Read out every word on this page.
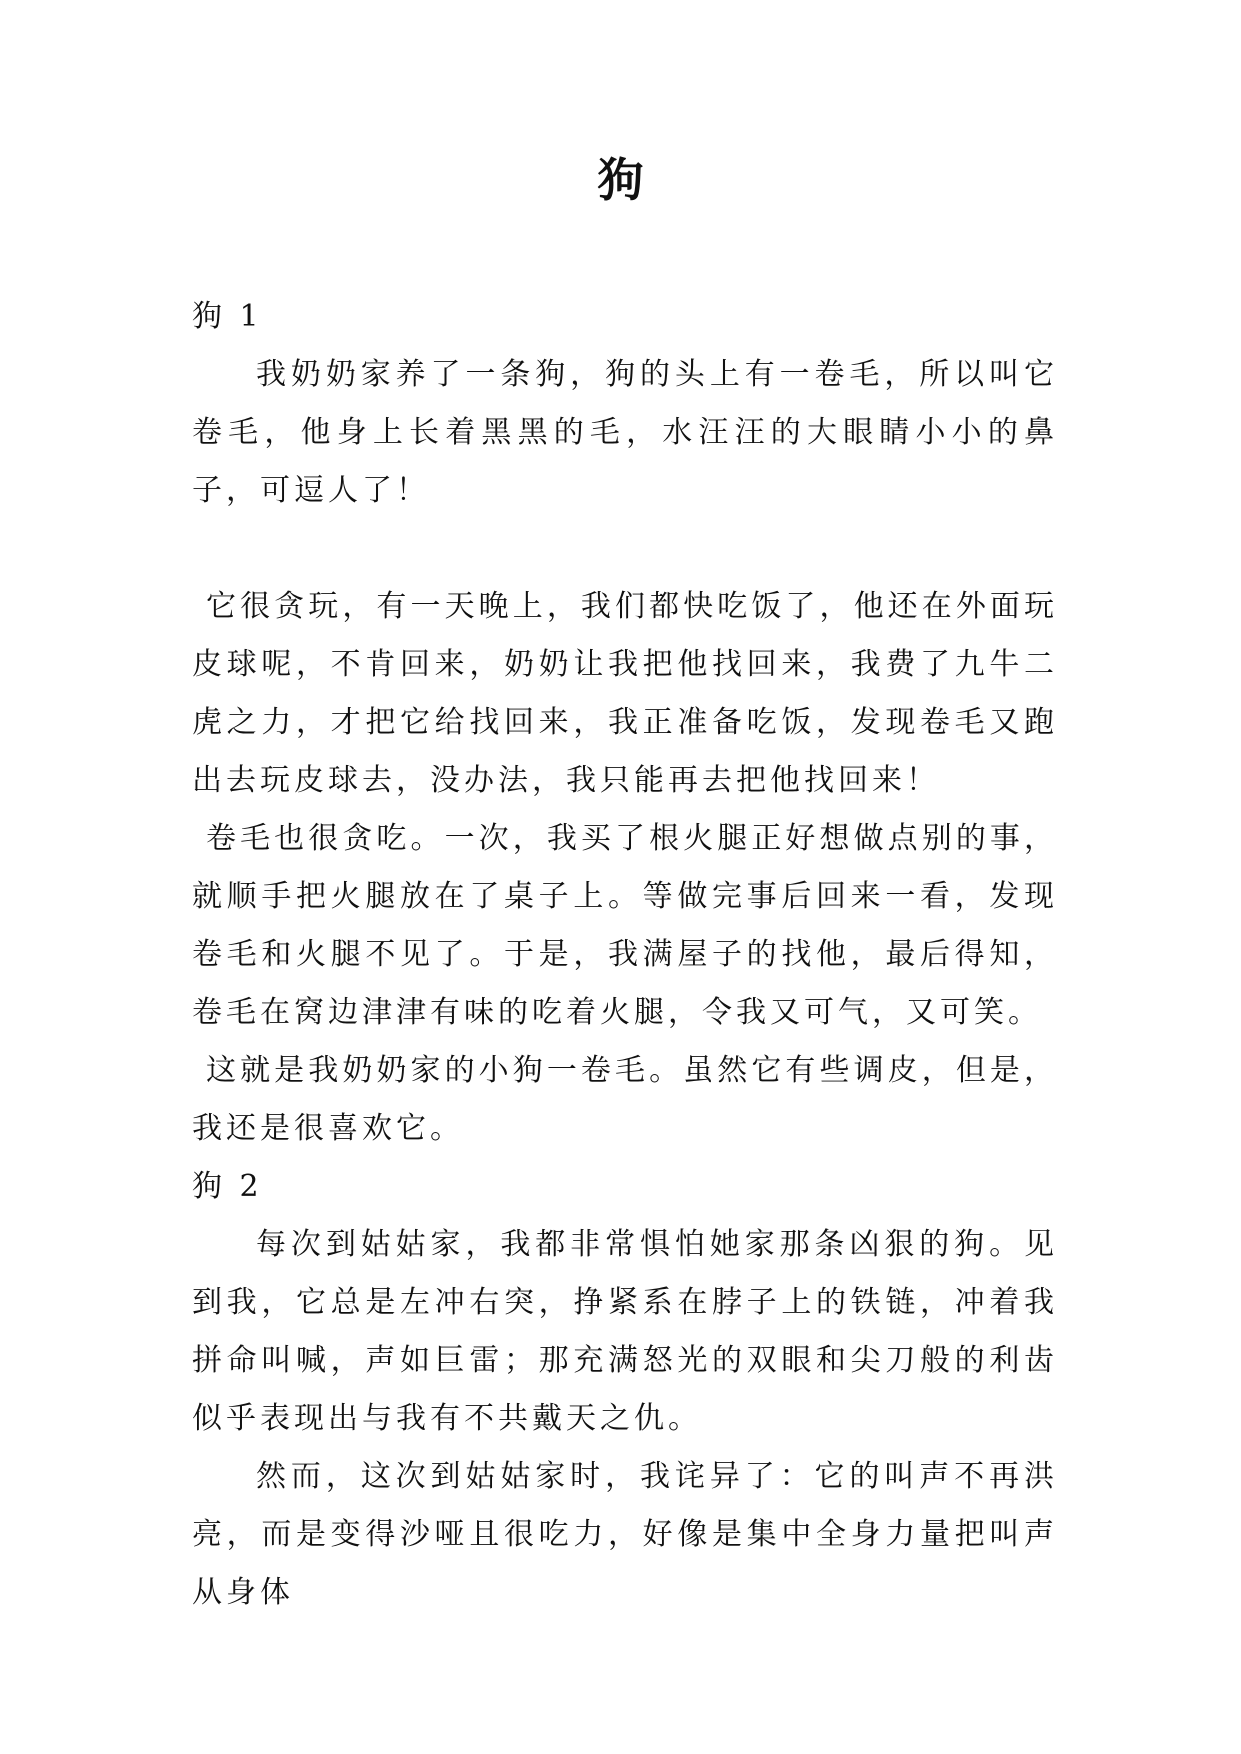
狗

狗 1

我奶奶家养了一条狗，狗的头上有一卷毛，所以叫它卷毛，他身上长着黑黑的毛，水汪汪的大眼睛小小的鼻子，可逗人了！

它很贪玩，有一天晚上，我们都快吃饭了，他还在外面玩皮球呢，不肯回来，奶奶让我把他找回来，我费了九牛二虎之力，才把它给找回来，我正准备吃饭，发现卷毛又跑出去玩皮球去，没办法，我只能再去把他找回来！

卷毛也很贪吃。一次，我买了根火腿正好想做点别的事，就顺手把火腿放在了桌子上。等做完事后回来一看，发现卷毛和火腿不见了。于是，我满屋子的找他，最后得知，卷毛在窝边津津有味的吃着火腿，令我又可气，又可笑。

这就是我奶奶家的小狗一卷毛。虽然它有些调皮，但是，我还是很喜欢它。

狗 2

每次到姑姑家，我都非常惧怕她家那条凶狠的狗。见到我，它总是左冲右突，挣紧系在脖子上的铁链，冲着我拼命叫喊，声如巨雷；那充满怒光的双眼和尖刀般的利齿似乎表现出与我有不共戴天之仇。

然而，这次到姑姑家时，我诧异了：它的叫声不再洪亮，而是变得沙哑且很吃力，好像是集中全身力量把叫声从身体
